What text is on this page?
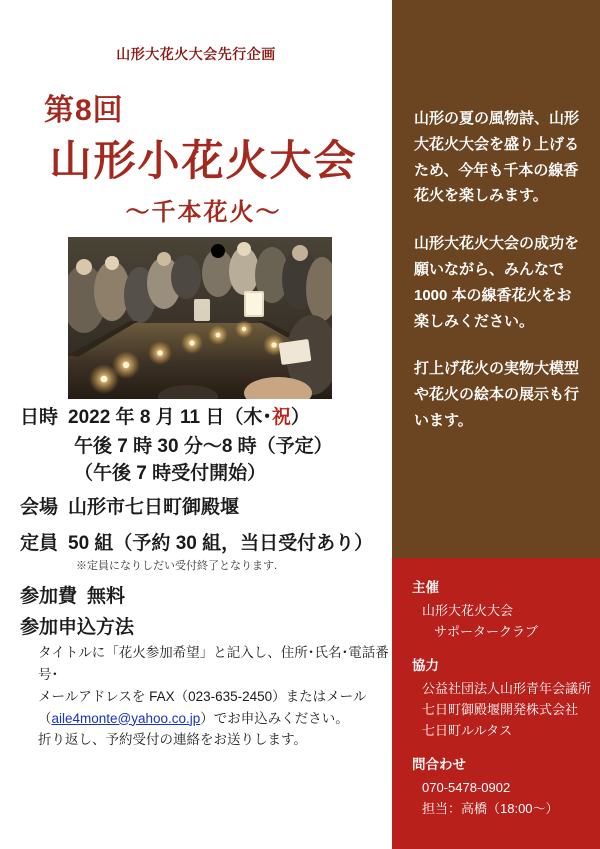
山形大花火大会先行企画
第8回
山形小花火大会
〜千本花火〜
日時 2022 年 8 月 11 日（木･祝）
午後 7 時 30 分〜8 時（予定）
（午後 7 時受付開始）
会場 山形市七日町御殿堰
定員 50 組（予約 30 組，当日受付あり）
※定員になりしだい受付終了となります.
参加費 無料
参加申込方法
タイトルに「花火参加希望」と記入し、住所･氏名･電話番号･
メールアドレスを FAX（023-635-2450）またはメール
（aile4monte@yahoo.co.jp）でお申込みください。
折り返し、予約受付の連絡をお送りします。

山形の夏の風物詩、山形大花火大会を盛り上げるため、今年も千本の線香花火を楽しみます。

山形大花火大会の成功を願いながら、みんなで 1000 本の線香花火をお楽しみください。

打上げ花火の実物大模型や花火の絵本の展示も行います。

主催
山形大花火大会
サポータークラブ
協力
公益社団法人山形青年会議所
七日町御殿堰開発株式会社
七日町ルルタス
問合わせ
070-5478-0902
担当：高橋（18:00〜）
